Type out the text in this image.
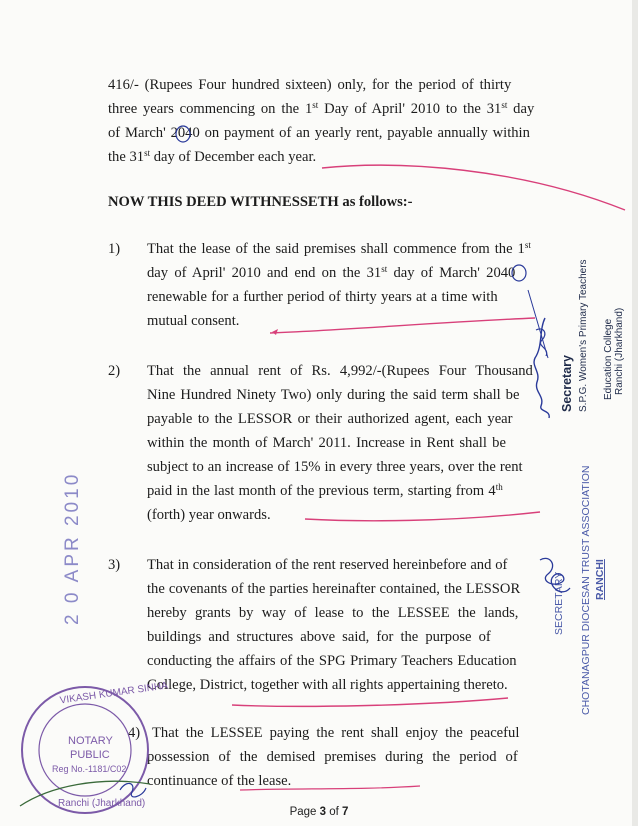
416/- (Rupees Four hundred sixteen) only, for the period of thirty
three years commencing on the 1st Day of April' 2010 to the 31st day
of March' 2040 on payment of an yearly rent, payable annually within
the 31st day of December each year.
NOW THIS DEED WITHNESSETH as follows:-
1) That the lease of the said premises shall commence from the 1st
day of April' 2010 and end on the 31st day of March' 2040
renewable for a further period of thirty years at a time with
mutual consent.
2) That the annual rent of Rs. 4,992/-(Rupees Four Thousand
Nine Hundred Ninety Two) only during the said term shall be
payable to the LESSOR or their authorized agent, each year
within the month of March' 2011. Increase in Rent shall be
subject to an increase of 15% in every three years, over the rent
paid in the last month of the previous term, starting from 4th
(forth) year onwards.
3) That in consideration of the rent reserved hereinbefore and of
the covenants of the parties hereinafter contained, the LESSOR
hereby grants by way of lease to the LESSEE the lands,
buildings and structures above said, for the purpose of
conducting the affairs of the SPG Primary Teachers Education
College, District, together with all rights appertaining thereto.
4) That the LESSEE paying the rent shall enjoy the peaceful
possession of the demised premises during the period of
continuance of the lease.
Secretary S.P.G. Women's Primary Teachers Education College Ranchi (Jharkhand)
SECRETARY CHOTANAGPUR DIOCESAN TRUST ASSOCIATION RANCHI
2 0 APR 2010
NOTARY
PUBLIC
Reg No.-1181/C02
VIKASH KUMAR SINHA
Ranchi (Jharkhand)
Page 3 of 7
